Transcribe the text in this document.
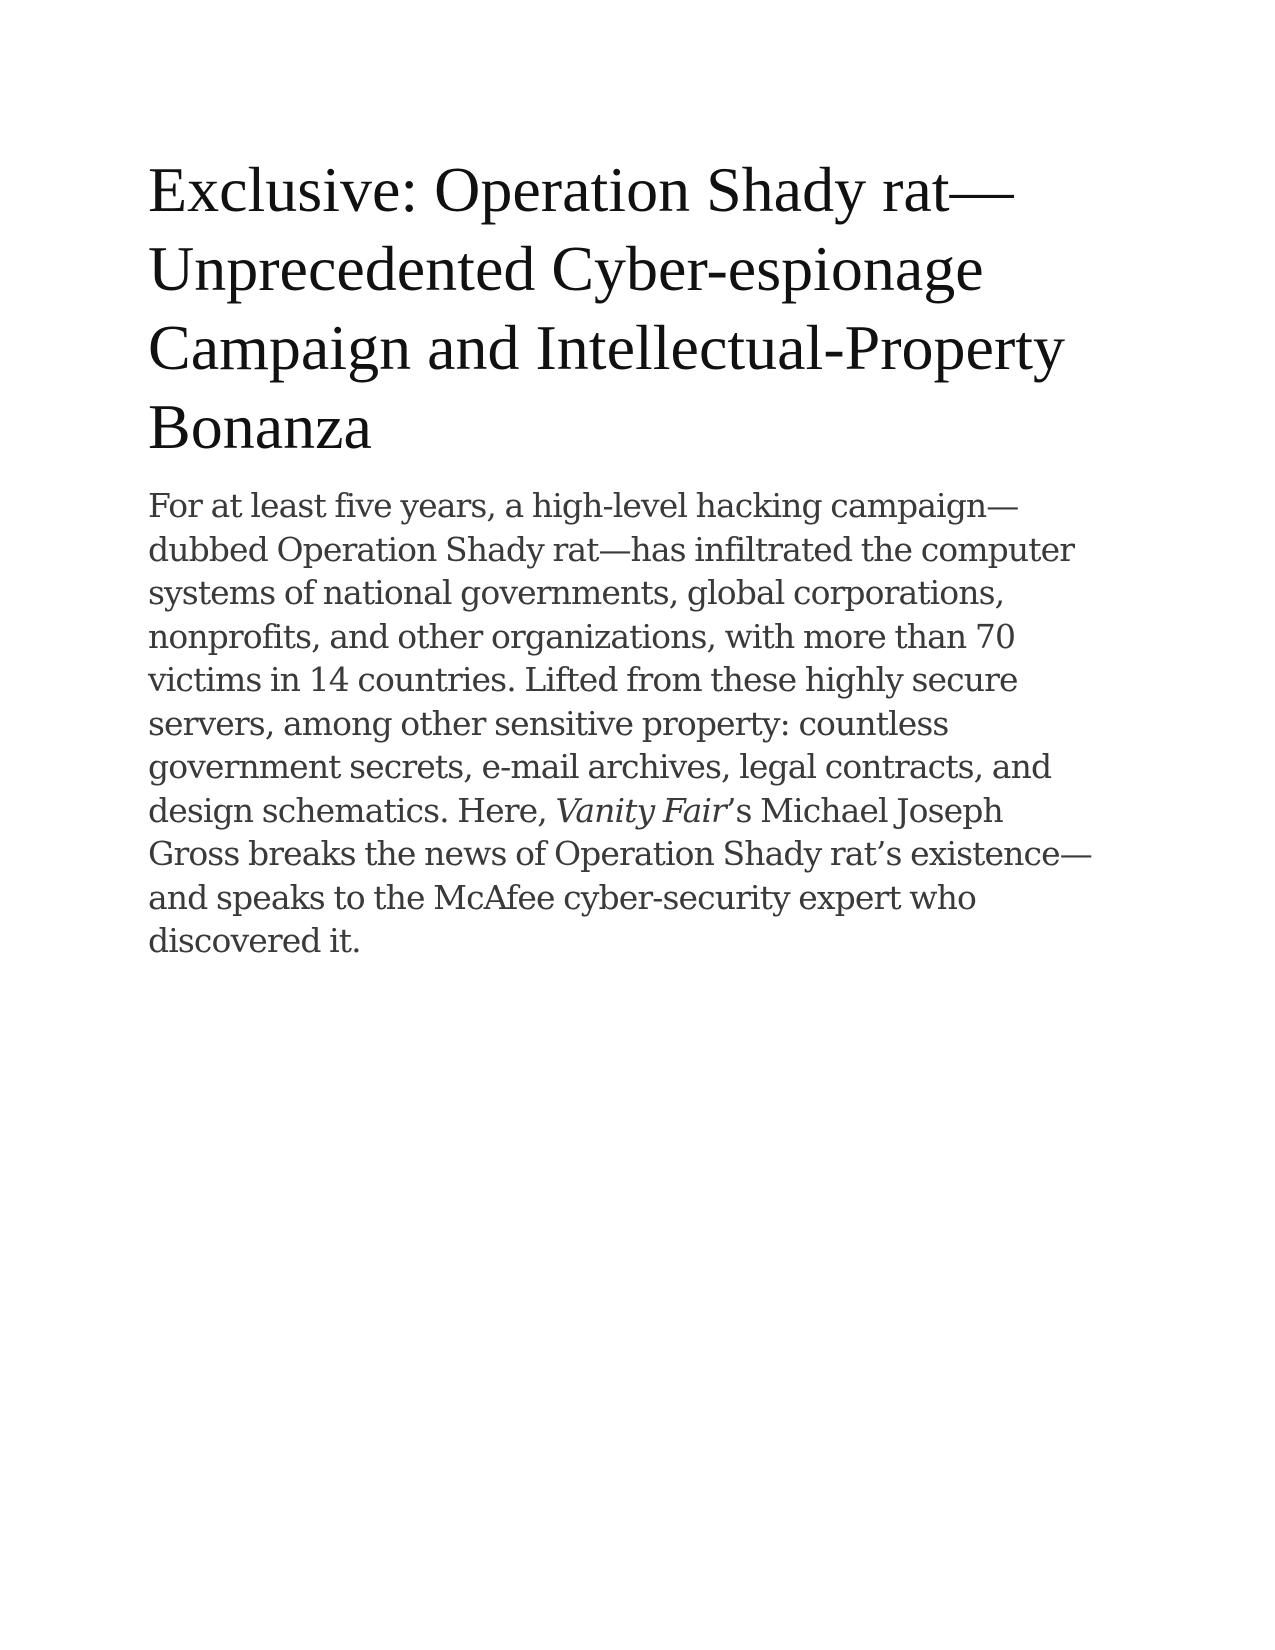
Exclusive: Operation Shady rat—
Unprecedented Cyber-espionage
Campaign and Intellectual-Property
Bonanza

For at least five years, a high-level hacking campaign—
dubbed Operation Shady rat—has infiltrated the computer
systems of national governments, global corporations,
nonprofits, and other organizations, with more than 70
victims in 14 countries. Lifted from these highly secure
servers, among other sensitive property: countless
government secrets, e-mail archives, legal contracts, and
design schematics. Here, Vanity Fair’s Michael Joseph
Gross breaks the news of Operation Shady rat’s existence—
and speaks to the McAfee cyber-security expert who
discovered it.
